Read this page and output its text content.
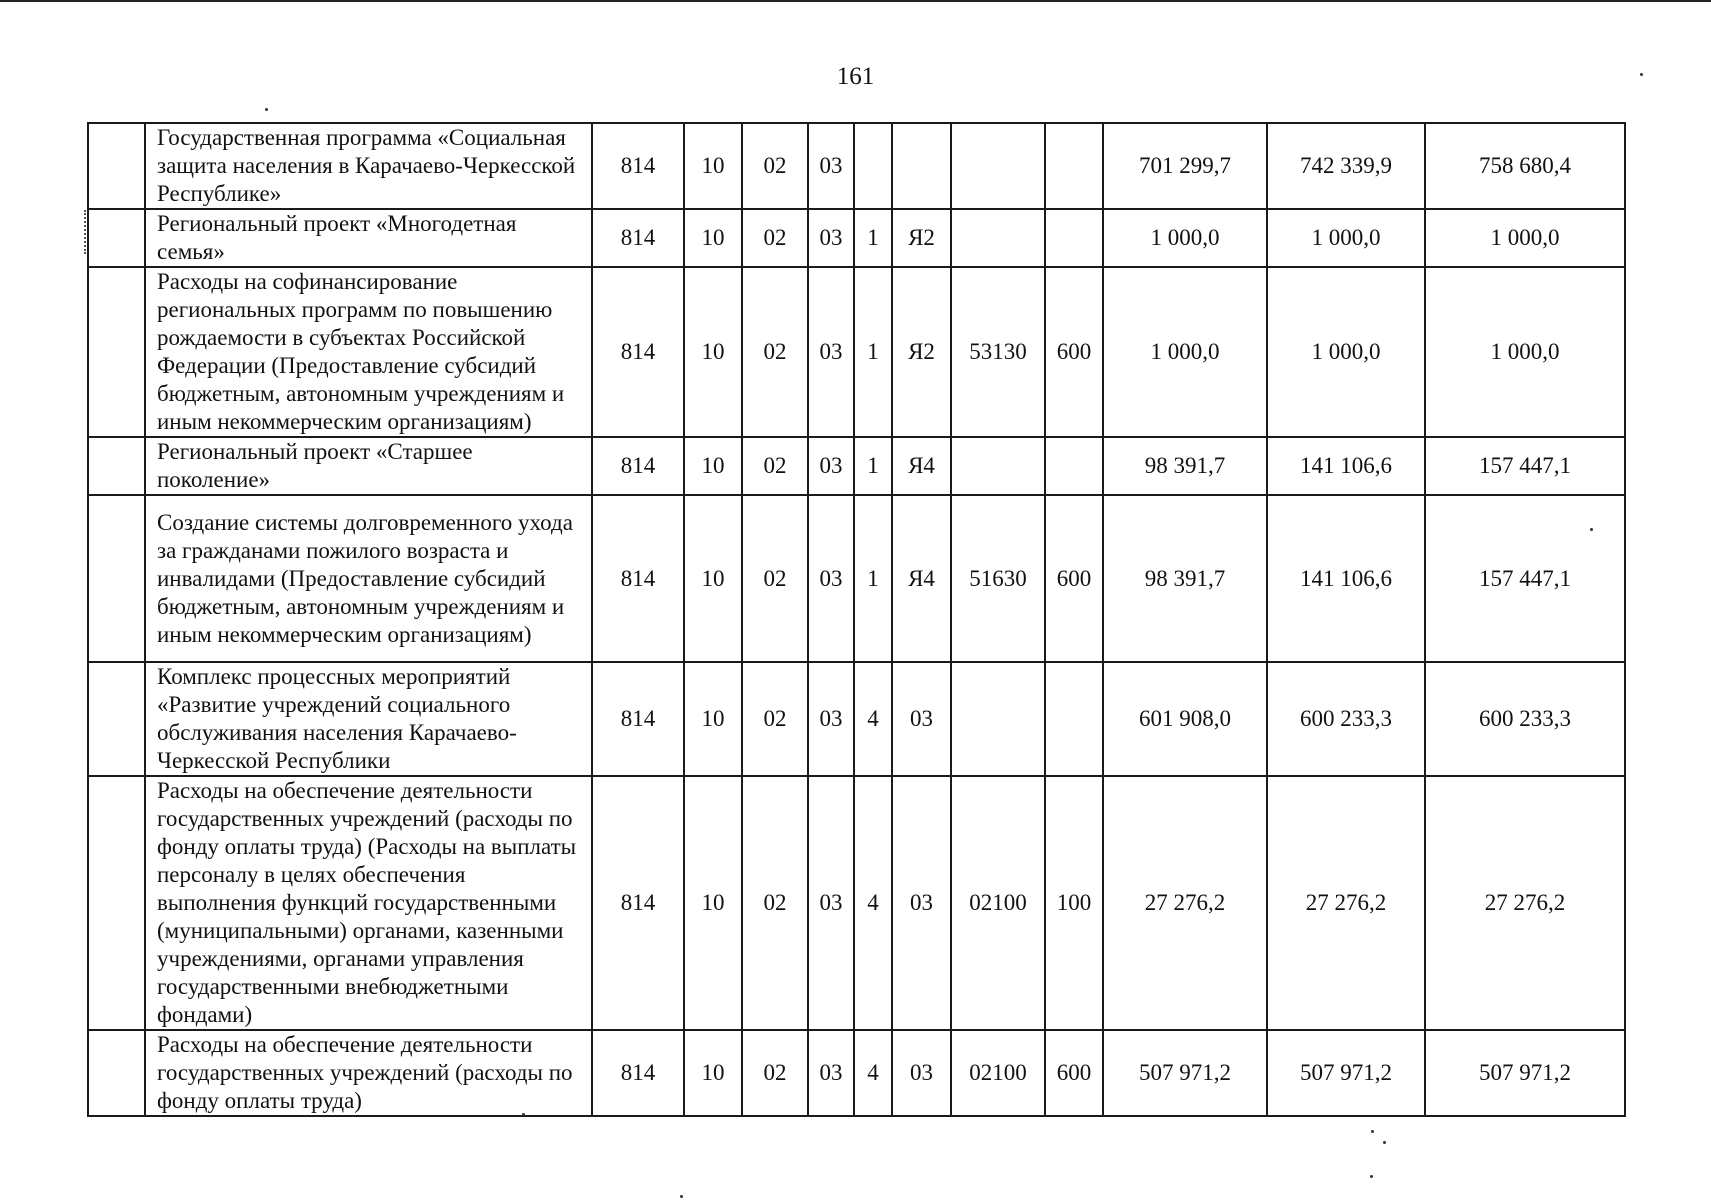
161
	Государственная программа «Социальная защита населения в Карачаево-Черкесской Республике»	814	10	02	03					701 299,7	742 339,9	758 680,4
	Региональный проект «Многодетная семья»	814	10	02	03	1	Я2			1 000,0	1 000,0	1 000,0
	Расходы на софинансирование региональных программ по повышению рождаемости в субъектах Российской Федерации (Предоставление субсидий бюджетным, автономным учреждениям и иным некоммерческим организациям)	814	10	02	03	1	Я2	53130	600	1 000,0	1 000,0	1 000,0
	Региональный проект «Старшее поколение»	814	10	02	03	1	Я4			98 391,7	141 106,6	157 447,1
	Создание системы долговременного ухода за гражданами пожилого возраста и инвалидами (Предоставление субсидий бюджетным, автономным учреждениям и иным некоммерческим организациям)	814	10	02	03	1	Я4	51630	600	98 391,7	141 106,6	157 447,1
	Комплекс процессных мероприятий «Развитие учреждений социального обслуживания населения Карачаево-Черкесской Республики	814	10	02	03	4	03			601 908,0	600 233,3	600 233,3
	Расходы на обеспечение деятельности государственных учреждений (расходы по фонду оплаты труда) (Расходы на выплаты персоналу в целях обеспечения выполнения функций государственными (муниципальными) органами, казенными учреждениями, органами управления государственными внебюджетными фондами)	814	10	02	03	4	03	02100	100	27 276,2	27 276,2	27 276,2
	Расходы на обеспечение деятельности государственных учреждений (расходы по фонду оплаты труда)	814	10	02	03	4	03	02100	600	507 971,2	507 971,2	507 971,2
